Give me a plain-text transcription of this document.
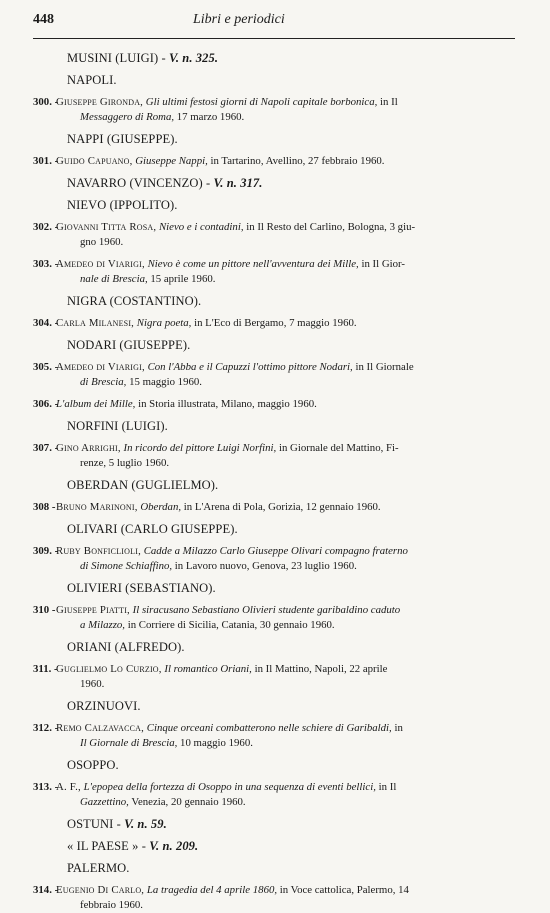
448	Libri e periodici
MUSINI (LUIGI) - V. n. 325.
NAPOLI.
300. -
Giuseppe Gironda, Gli ultimi festosi giorni di Napoli capitale borbonica, in Il
Messaggero di Roma, 17 marzo 1960.
NAPPI (GIUSEPPE).
301. -
Guido Capuano, Giuseppe Nappi, in Tartarino, Avellino, 27 febbraio 1960.
NAVARRO (VINCENZO) - V. n. 317.
NIEVO (IPPOLITO).
302. -
Giovanni Titta Rosa, Nievo e i contadini, in Il Resto del Carlino, Bologna, 3 giu-
gno 1960.
303. -
Amedeo di Viarigi, Nievo è come un pittore nell'avventura dei Mille, in Il Gior-
nale di Brescia, 15 aprile 1960.
NIGRA (COSTANTINO).
304. -
Carla Milanesi, Nigra poeta, in L'Eco di Bergamo, 7 maggio 1960.
NODARI (GIUSEPPE).
305. -
Amedeo di Viarigi, Con l'Abba e il Capuzzi l'ottimo pittore Nodari, in Il Giornale
di Brescia, 15 maggio 1960.
306. -
L'album dei Mille, in Storia illustrata, Milano, maggio 1960.
NORFINI (LUIGI).
307. -
Gino Arrighi, In ricordo del pittore Luigi Norfini, in Giornale del Mattino, Fi-
renze, 5 luglio 1960.
OBERDAN (GUGLIELMO).
308 - Bruno Marinoni, Oberdan, in L'Arena di Pola, Gorizia, 12 gennaio 1960.
OLIVARI (CARLO GIUSEPPE).
309. -
Ruby Bonficlioli, Cadde a Milazzo Carlo Giuseppe Olivari compagno fraterno
di Simone Schiaffino, in Lavoro nuovo, Genova, 23 luglio 1960.
OLIVIERI (SEBASTIANO).
310 - Giuseppe Piatti, Il siracusano Sebastiano Olivieri studente garibaldino caduto
a Milazzo, in Corriere di Sicilia, Catania, 30 gennaio 1960.
ORIANI (ALFREDO).
311. -
Guglielmo Lo Curzio, Il romantico Oriani, in Il Mattino, Napoli, 22 aprile
1960.
ORZINUOVI.
312. -
Remo Calzavacca, Cinque orceani combatterono nelle schiere di Garibaldi, in
Il Giornale di Brescia, 10 maggio 1960.
OSOPPO.
313. -
A. F., L'epopea della fortezza di Osoppo in una sequenza di eventi bellici, in Il
Gazzettino, Venezia, 20 gennaio 1960.
OSTUNI - V. n. 59.
« IL PAESE » - V. n. 209.
PALERMO.
314. -
Eugenio Di Carlo, La tragedia del 4 aprile 1860, in Voce cattolica, Palermo, 14
febbraio 1960.
